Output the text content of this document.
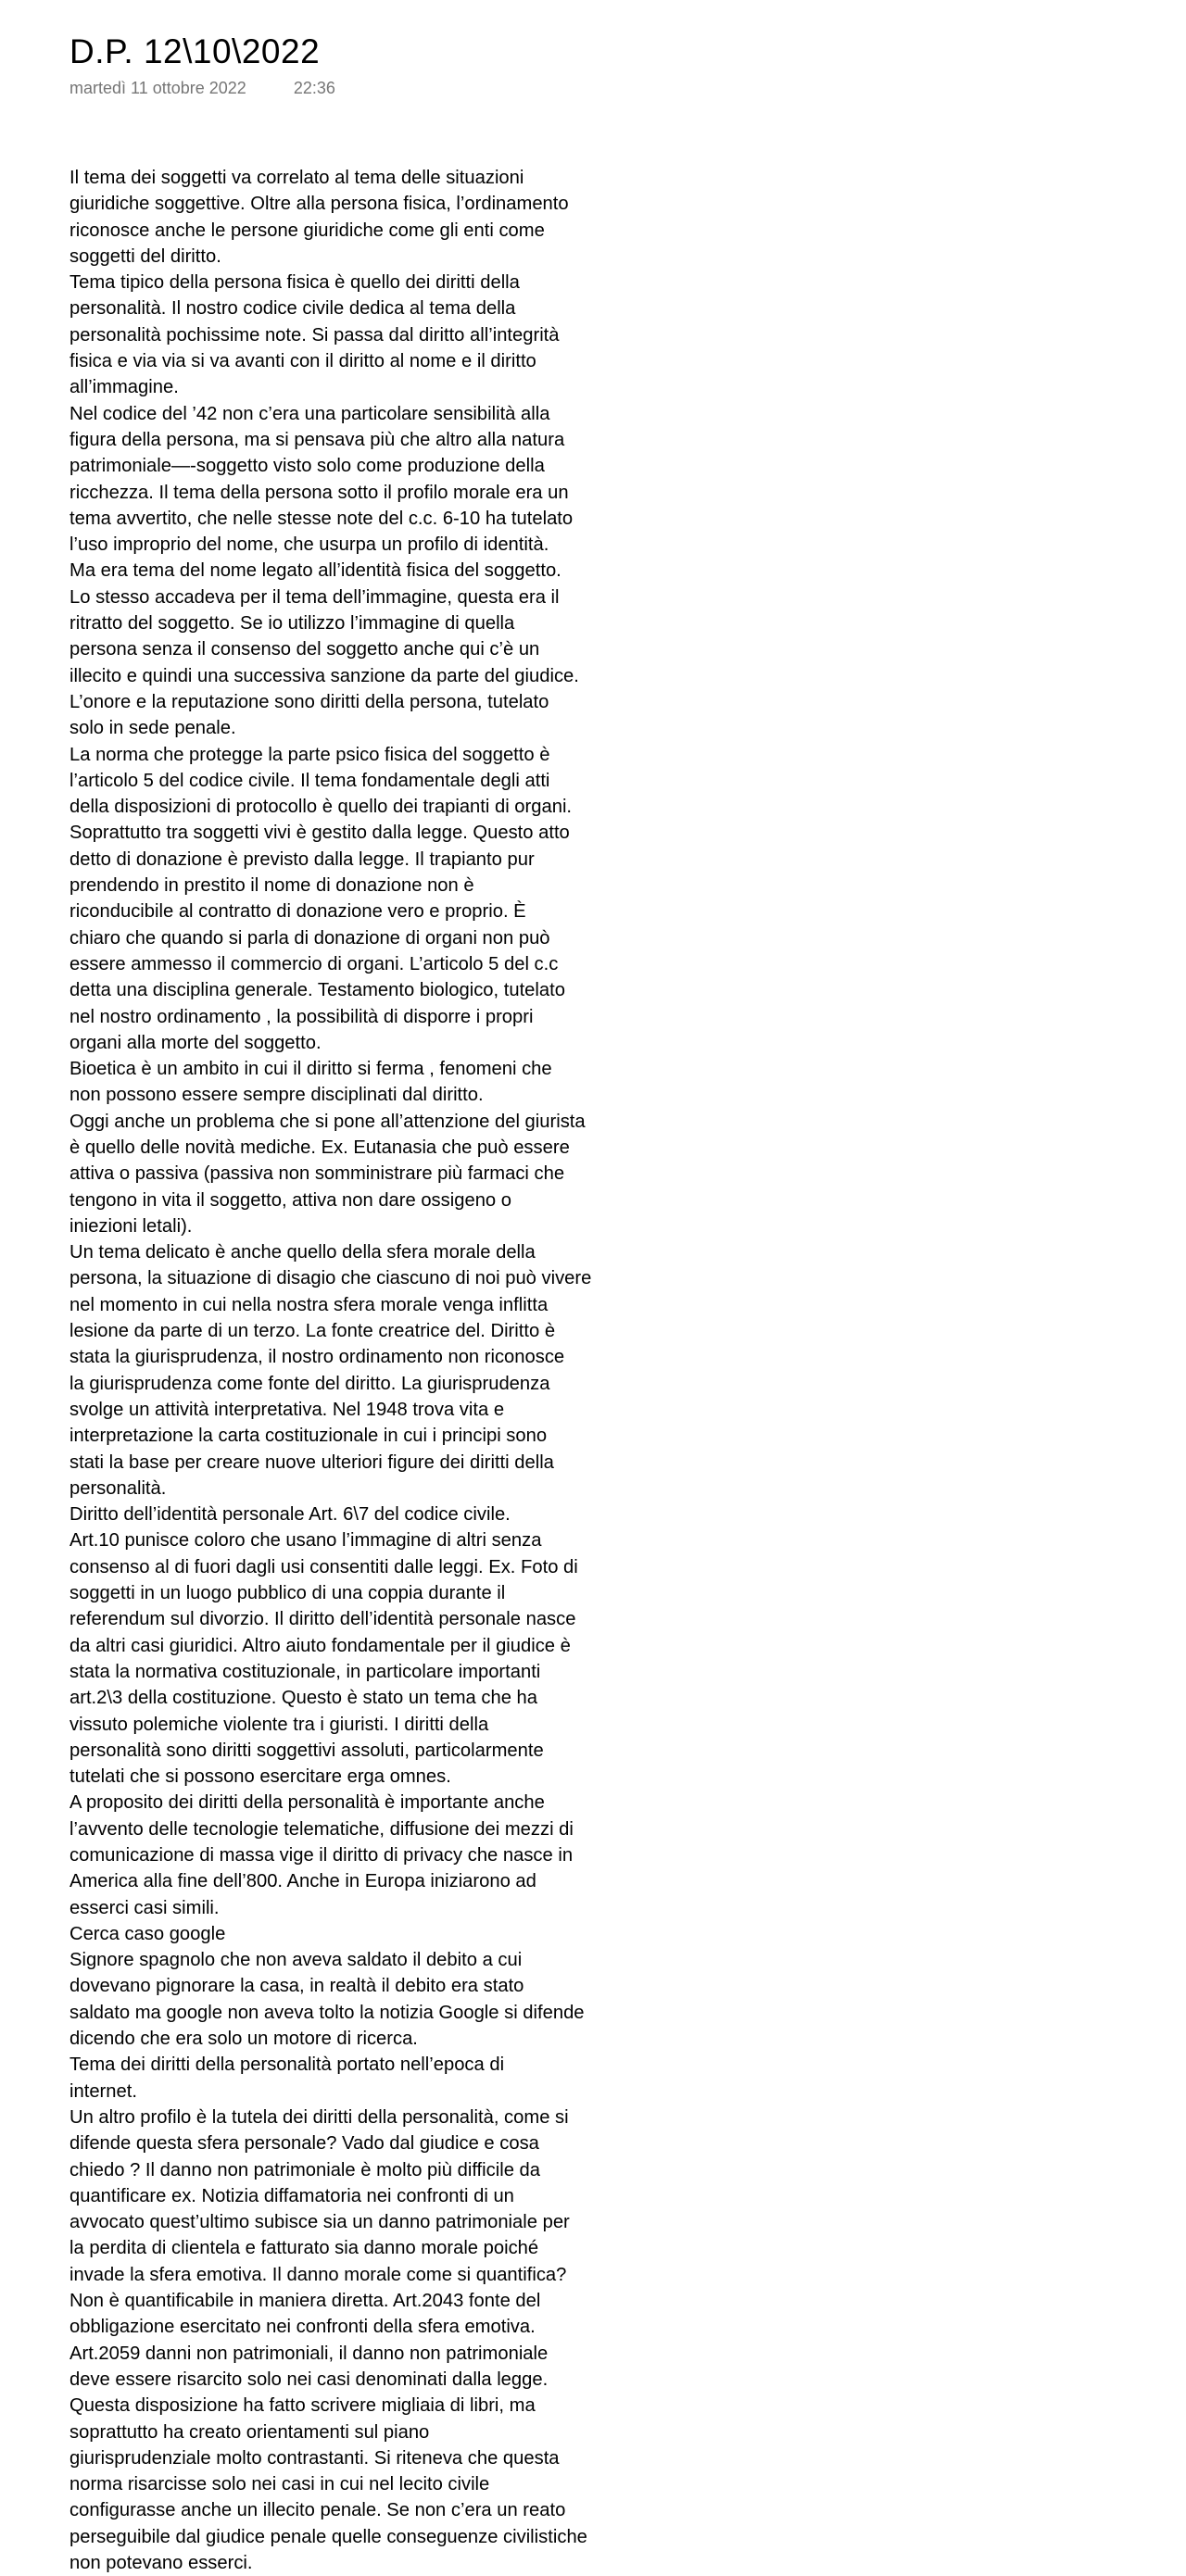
D.P. 12\10\2022
martedì 11 ottobre 2022	22:36
Il tema dei soggetti va correlato al tema delle situazioni
giuridiche soggettive. Oltre alla persona fisica, l’ordinamento
riconosce anche le persone giuridiche come gli enti come
soggetti del diritto.
Tema tipico della persona fisica è quello dei diritti della
personalità. Il nostro codice civile dedica al tema della
personalità pochissime note. Si passa dal diritto all’integrità
fisica e via via si va avanti con il diritto al nome e il diritto
all’immagine.
Nel codice del ’42 non c’era una particolare sensibilità alla
figura della persona, ma si pensava più che altro alla natura
patrimoniale—-soggetto visto solo come produzione della
ricchezza. Il tema della persona sotto il profilo morale era un
tema avvertito, che nelle stesse note del c.c. 6-10 ha tutelato
l’uso improprio del nome, che usurpa un profilo di identità.
Ma era tema del nome legato all’identità fisica del soggetto.
Lo stesso accadeva per il tema dell’immagine, questa era il
ritratto del soggetto. Se io utilizzo l’immagine di quella
persona senza il consenso del soggetto anche qui c’è un
illecito e quindi una successiva sanzione da parte del giudice.
L’onore e la reputazione sono diritti della persona, tutelato
solo in sede penale.
La norma che protegge la parte psico fisica del soggetto è
l’articolo 5 del codice civile. Il tema fondamentale degli atti
della disposizioni di protocollo è quello dei trapianti di organi.
Soprattutto tra soggetti vivi è gestito dalla legge. Questo atto
detto di donazione è previsto dalla legge. Il trapianto pur
prendendo in prestito il nome di donazione non è
riconducibile al contratto di donazione vero e proprio. È
chiaro che quando si parla di donazione di organi non può
essere ammesso il commercio di organi. L’articolo 5 del c.c
detta una disciplina generale. Testamento biologico, tutelato
nel nostro ordinamento , la possibilità di disporre i propri
organi alla morte del soggetto.
Bioetica è un ambito in cui il diritto si ferma , fenomeni che
non possono essere sempre disciplinati dal diritto.
Oggi anche un problema che si pone all’attenzione del giurista
è quello delle novità mediche. Ex. Eutanasia che può essere
attiva o passiva (passiva non somministrare più farmaci che
tengono in vita il soggetto, attiva non dare ossigeno o
iniezioni letali).
Un tema delicato è anche quello della sfera morale della
persona, la situazione di disagio che ciascuno di noi può vivere
nel momento in cui nella nostra sfera morale venga inflitta
lesione da parte di un terzo. La fonte creatrice del. Diritto è
stata la giurisprudenza, il nostro ordinamento non riconosce
la giurisprudenza come fonte del diritto. La giurisprudenza
svolge un attività interpretativa. Nel 1948 trova vita e
interpretazione la carta costituzionale in cui i principi sono
stati la base per creare nuove ulteriori figure dei diritti della
personalità.
Diritto dell’identità personale Art. 6\7 del codice civile.
Art.10 punisce coloro che usano l’immagine di altri senza
consenso al di fuori dagli usi consentiti dalle leggi. Ex. Foto di
soggetti in un luogo pubblico di una coppia durante il
referendum sul divorzio. Il diritto dell’identità personale nasce
da altri casi giuridici. Altro aiuto fondamentale per il giudice è
stata la normativa costituzionale, in particolare importanti
art.2\3 della costituzione. Questo è stato un tema che ha
vissuto polemiche violente tra i giuristi. I diritti della
personalità sono diritti soggettivi assoluti, particolarmente
tutelati che si possono esercitare erga omnes.
A proposito dei diritti della personalità è importante anche
l’avvento delle tecnologie telematiche, diffusione dei mezzi di
comunicazione di massa vige il diritto di privacy che nasce in
America alla fine dell’800. Anche in Europa iniziarono ad
esserci casi simili.
Cerca caso google
Signore spagnolo che non aveva saldato il debito a cui
dovevano pignorare la casa, in realtà il debito era stato
saldato ma google non aveva tolto la notizia Google si difende
dicendo che era solo un motore di ricerca.
Tema dei diritti della personalità portato nell’epoca di
internet.
Un altro profilo è la tutela dei diritti della personalità, come si
difende questa sfera personale? Vado dal giudice e cosa
chiedo ? Il danno non patrimoniale è molto più difficile da
quantificare ex. Notizia diffamatoria nei confronti di un
avvocato quest’ultimo subisce sia un danno patrimoniale per
la perdita di clientela e fatturato sia danno morale poiché
invade la sfera emotiva. Il danno morale come si quantifica?
Non è quantificabile in maniera diretta. Art.2043 fonte del
obbligazione esercitato nei confronti della sfera emotiva.
Art.2059 danni non patrimoniali, il danno non patrimoniale
deve essere risarcito solo nei casi denominati dalla legge.
Questa disposizione ha fatto scrivere migliaia di libri, ma
soprattutto ha creato orientamenti sul piano
giurisprudenziale molto contrastanti. Si riteneva che questa
norma risarcisse solo nei casi in cui nel lecito civile
configurasse anche un illecito penale. Se non c’era un reato
perseguibile dal giudice penale quelle conseguenze civilistiche
non potevano esserci.
